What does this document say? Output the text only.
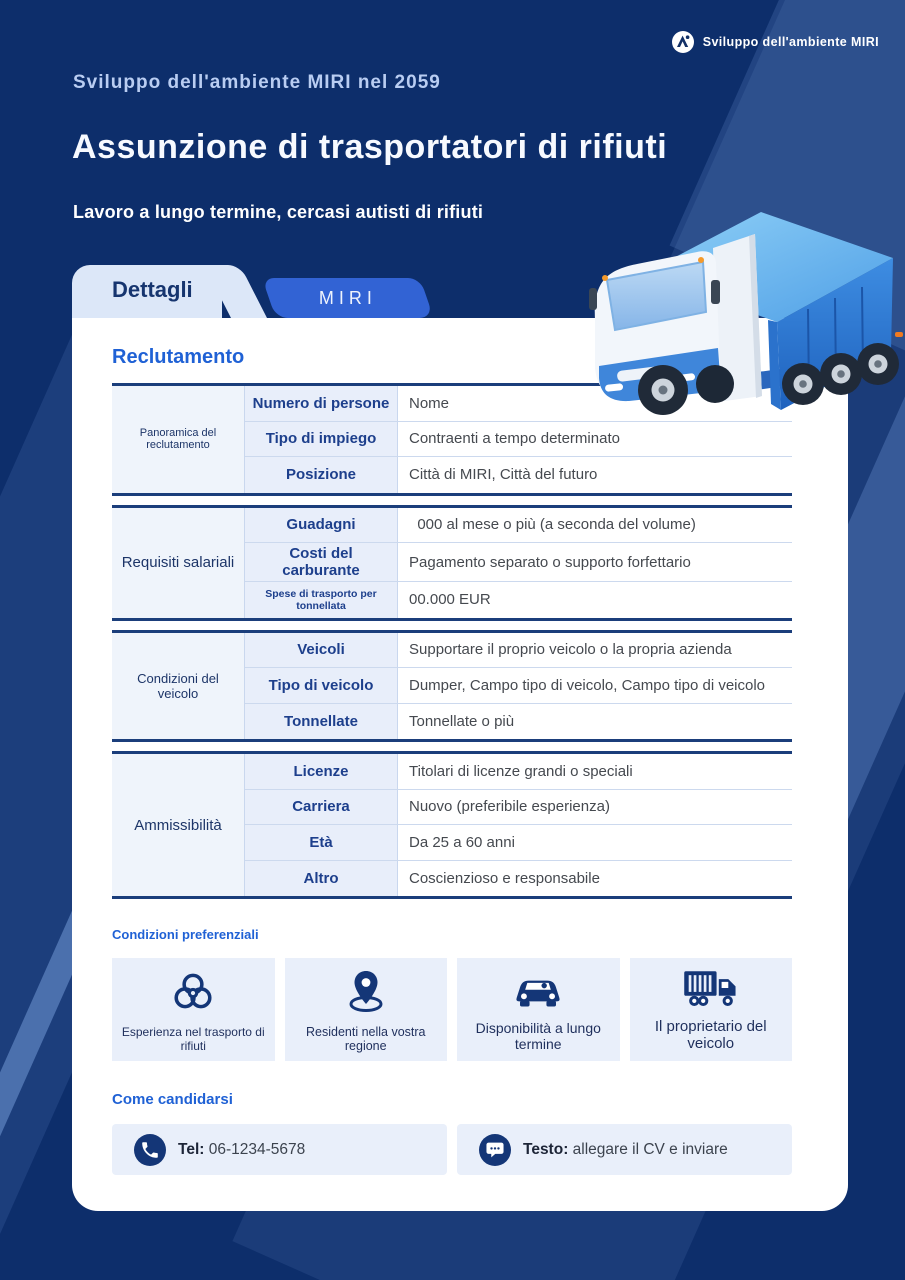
Sviluppo dell'ambiente MIRI
Sviluppo dell'ambiente MIRI nel 2059
Assunzione di trasportatori di rifiuti
Lavoro a lungo termine, cercasi autisti di rifiuti
MIRI
Dettagli
Reclutamento
Panoramica del reclutamento
Numero di persone	Nome
Tipo di impiego	Contraenti a tempo determinato
Posizione	Città di MIRI, Città del futuro
Requisiti salariali
Guadagni	000 al mese o più (a seconda del volume)
Costi del carburante	Pagamento separato o supporto forfettario
Spese di trasporto per tonnellata	00.000 EUR
Condizioni del veicolo
Veicoli	Supportare il proprio veicolo o la propria azienda
Tipo di veicolo	Dumper, Campo tipo di veicolo, Campo tipo di veicolo
Tonnellate	Tonnellate o più
Ammissibilità
Licenze	Titolari di licenze grandi o speciali
Carriera	Nuovo (preferibile esperienza)
Età	Da 25 a 60 anni
Altro	Coscienzioso e responsabile
Condizioni preferenziali
Esperienza nel trasporto di rifiuti
Residenti nella vostra regione
Disponibilità a lungo termine
Il proprietario del veicolo
Come candidarsi
Tel: 06-1234-5678	Testo: allegare il CV e inviare
